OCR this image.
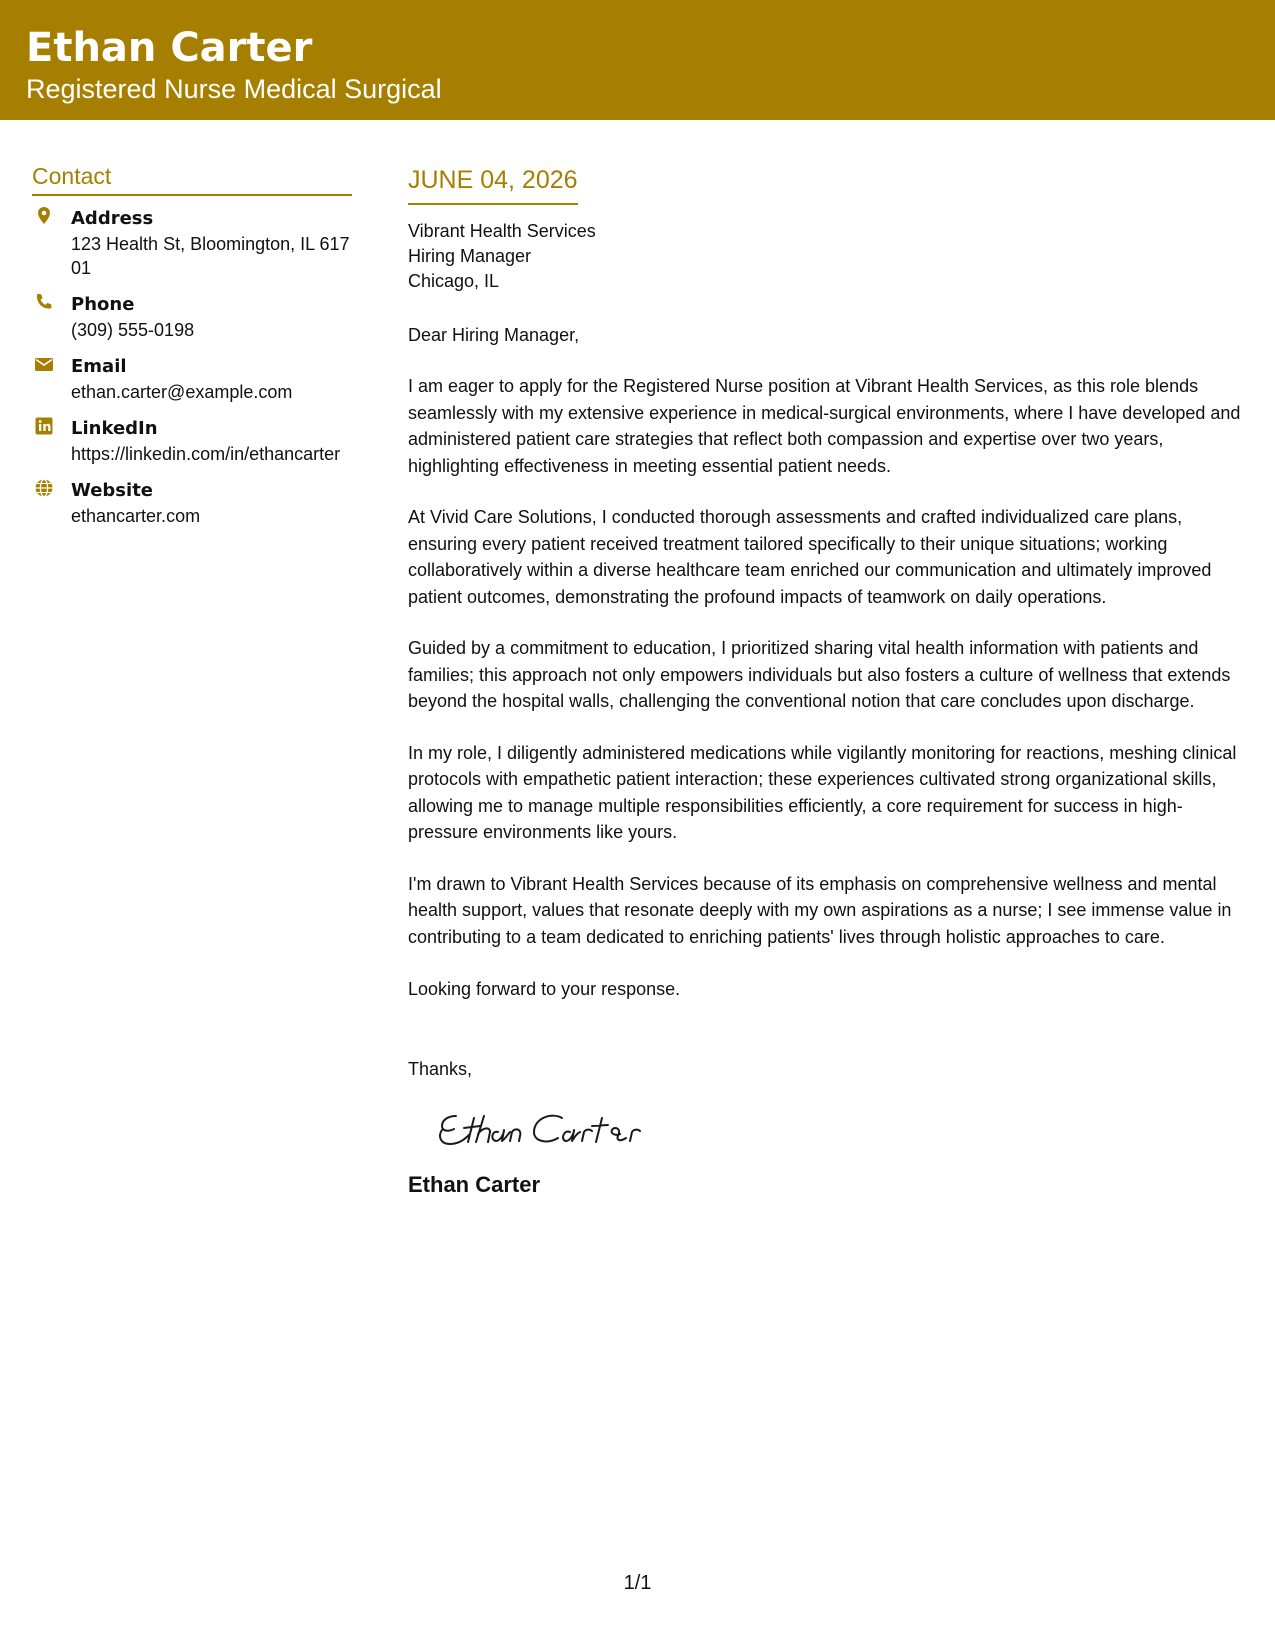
Ethan Carter
Registered Nurse Medical Surgical
Contact
Address
123 Health St, Bloomington, IL 61701
Phone
(309) 555-0198
Email
ethan.carter@example.com
LinkedIn
https://linkedin.com/in/ethancarter
Website
ethancarter.com
JUNE 04, 2026
Vibrant Health Services
Hiring Manager
Chicago, IL
Dear Hiring Manager,
I am eager to apply for the Registered Nurse position at Vibrant Health Services, as this role blends seamlessly with my extensive experience in medical-surgical environments, where I have developed and administered patient care strategies that reflect both compassion and expertise over two years, highlighting effectiveness in meeting essential patient needs.
At Vivid Care Solutions, I conducted thorough assessments and crafted individualized care plans, ensuring every patient received treatment tailored specifically to their unique situations; working collaboratively within a diverse healthcare team enriched our communication and ultimately improved patient outcomes, demonstrating the profound impacts of teamwork on daily operations.
Guided by a commitment to education, I prioritized sharing vital health information with patients and families; this approach not only empowers individuals but also fosters a culture of wellness that extends beyond the hospital walls, challenging the conventional notion that care concludes upon discharge.
In my role, I diligently administered medications while vigilantly monitoring for reactions, meshing clinical protocols with empathetic patient interaction; these experiences cultivated strong organizational skills, allowing me to manage multiple responsibilities efficiently, a core requirement for success in high-pressure environments like yours.
I'm drawn to Vibrant Health Services because of its emphasis on comprehensive wellness and mental health support, values that resonate deeply with my own aspirations as a nurse; I see immense value in contributing to a team dedicated to enriching patients' lives through holistic approaches to care.
Looking forward to your response.
Thanks,
Ethan Carter
1/1
